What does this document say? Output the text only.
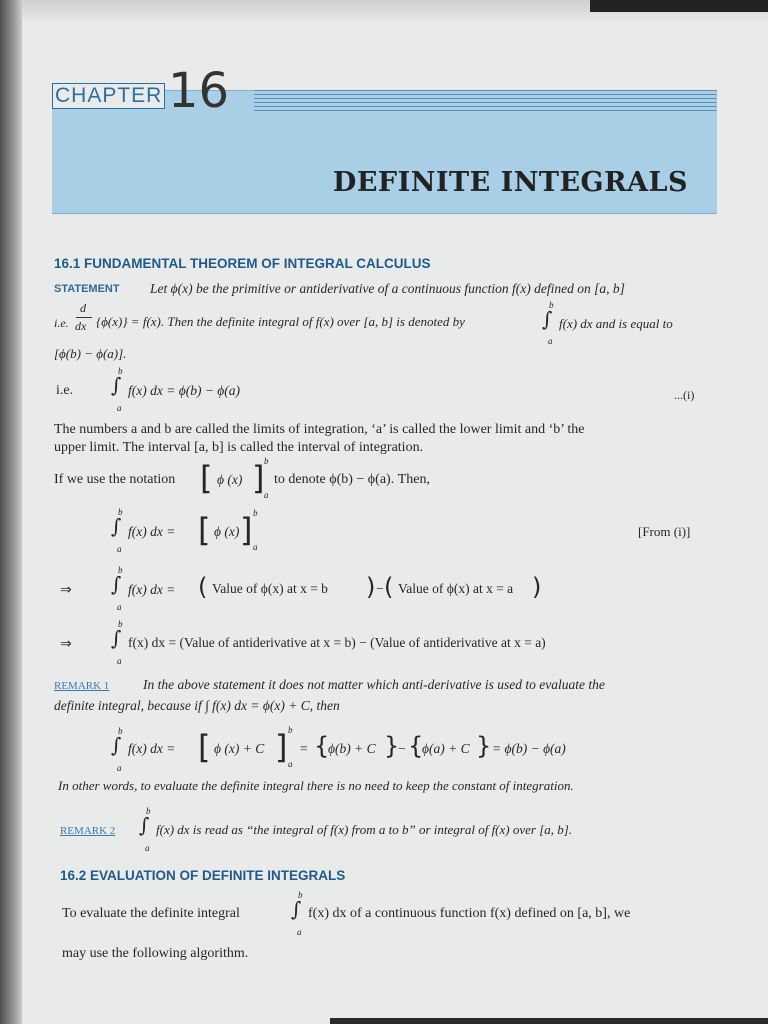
CHAPTER 16
DEFINITE INTEGRALS
16.1 FUNDAMENTAL THEOREM OF INTEGRAL CALCULUS
STATEMENT Let ϕ(x) be the primitive or antiderivative of a continuous function f(x) defined on [a, b]
i.e.
d
dx {ϕ(x)} = f(x). Then the definite integral of f(x) over [a, b] is denoted by
b
∫
a
f(x) dx and is equal to
[ϕ(b) − ϕ(a)].
i.e.
b
∫
a
f(x) dx = ϕ(b) − ϕ(a)	...(i)
The numbers a and b are called the limits of integration, ‘a’ is called the lower limit and ‘b’ the
upper limit. The interval [a, b] is called the interval of integration.
If we use the notation [ ϕ (x) ] b
a
to denote ϕ(b) − ϕ(a). Then,
b
∫
a
f(x) dx = [ ϕ (x) ] b
a
[From (i)]
⇒
b
∫
a
f(x) dx = ( Value of ϕ(x) at x = b ) − ( Value of ϕ(x) at x = a )
⇒
b
∫
a
f(x) dx = (Value of antiderivative at x = b) − (Value of antiderivative at x = a)
REMARK 1 In the above statement it does not matter which anti-derivative is used to evaluate the
definite integral, because if ∫ f(x) dx = ϕ(x) + C, then
b
∫
a
f(x) dx = [ ϕ (x) + C ] b
a
= {
ϕ(b) + C }
− {
ϕ(a) + C } = ϕ(b) − ϕ(a)
In other words, to evaluate the definite integral there is no need to keep the constant of integration.
REMARK 2
b
∫
a
f(x) dx is read as “the integral of f(x) from a to b” or integral of f(x) over [a, b].
16.2 EVALUATION OF DEFINITE INTEGRALS
To evaluate the definite integral
b
∫
a
f(x) dx of a continuous function f(x) defined on [a, b], we
may use the following algorithm.
